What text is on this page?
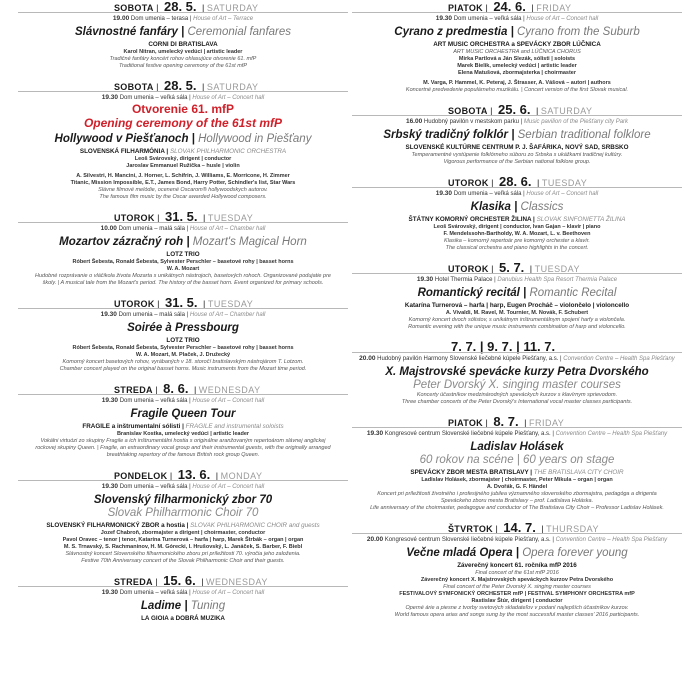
SOBOTA | 28. 5. | SATURDAY
19.00 Dom umenia – terasa | House of Art – Terrace
Slávnostné fanfáry | Ceremonial fanfares
CORNI DI BRATISLAVA
Karol Nitran, umelecký vedúci | artistic leader
Tradičné fanfáry koncért rohov ohlasujúce otvorenie 61. mfP
Traditional festive opening ceremony of the 61st mfP
SOBOTA | 28. 5. | SATURDAY
19.30 Dom umenia – veľká sála | House of Art – Concert hall
Otvorenie 61. mfP
Opening ceremony of the 61st mfP
Hollywood v Piešťanoch | Hollywood in Piešťany
SLOVENSKÁ FILHARMÓNIA | SLOVAK PHILHARMONIC ORCHESTRA
Leoš Svárovský, dirigent | conductor
Jaroslav Emmanuel Ružička – husle | violin
A. Silvestri, H. Mancini, J. Horner, L. Schifrin, J. Williams, E. Morricone, H. Zimmer
Titanic, Mission Impossible, E.T., James Bond, Harry Potter, Schindler's list, Star Wars
Slávne filmové melódie, ocenené Oscarom® hollywoodskych autorov.
The famous film music by the Oscar awarded Hollywood composers.
UTOROK | 31. 5. | TUESDAY
10.00 Dom umenia – malá sála | House of Art – Chamber hall
Mozartov zázračný roh | Mozart's Magical Horn
LOTZ TRIO
Róbert Šebesta, Ronald Šebesta, Sylvester Perschler – basetové rohy | basset horns
W. A. Mozart
Hudobné rozprávanie o vláčikola života Mozarta s unikátnych nástrojoch, basetových rohoch. Organizované podujatie pre
školy. | A musical tale from the Mozart's period. The history of the basset horn. Event organized for primary schools.
UTOROK | 31. 5. | TUESDAY
19.30 Dom umenia – malá sála | House of Art – Chamber hall
Soirée à Pressbourg
LOTZ TRIO
Róbert Šebesta, Ronald Šebesta, Sylvester Perschler – basetové rohy | basset horns
W. A. Mozart, M. Plaček, J. Družecký
Komorný koncert basetových rohov, vyrábaných v 18. storočí bratislavským nástrojárom T. Lotzom.
Chamber concert played on the original basset horns. Music instruments from the Mozart time period.
STREDA | 8. 6. | WEDNESDAY
19.30 Dom umenia – veľká sála | House of Art – Concert hall
Fragile Queen Tour
FRAGILE a inštrumentalní sólisti | FRAGILE and instrumental soloists
Branislav Kostka, umelecký vedúci | artistic leader
Vokálni virtuózi zo skupiny Fragile a ich inštrumentálni hostia s originálne aranžovaným repertoárom slávnej anglickej
rockovej skupiny Queen. | Fragile, an extraordinary vocal group and their instrumental guests, with the originally arranged
breathtaking repertory of the famous British rock group Queen.
PONDELOK | 13. 6. | MONDAY
19.30 Dom umenia – veľká sála | House of Art – Concert hall
Slovenský filharmonický zbor 70
Slovak Philharmonic Choir 70
SLOVENSKÝ FILHARMONICKÝ ZBOR a hostia | SLOVAK PHILHARMONIC CHOIR and guests
Jozef Chabroň, zbormajster a dirigent | choirmaster, conductor
Pavol Oravec – tenor | tenor, Katarína Turnerová – harfa | harp, Marek Štrbák – organ | organ
M. S. Trnavský, S. Rachmaninov, H. M. Górecki, I. Hrušovský, L. Janáček, S. Barber, F. Biebl
Slávnostný koncert Slovenského filharmonického zboru pri príležitosti 70. výročia jeho založenia.
Festive 70th Anniversary concert of the Slovak Philharmonic Choir and their guests.
STREDA | 15. 6. | WEDNESDAY
19.30 Dom umenia – veľká sála | House of Art – Concert hall
Ladime | Tuning
LA GIOIA a DOBRÁ MUZIKA
PIATOK | 24. 6. | FRIDAY
19.30 Dom umenia – veľká sála | House of Art – Concert hall
Cyrano z predmestia | Cyrano from the Suburb
ART MUSIC ORCHESTRA a SPEVÁCKY ZBOR LÚČNICA
ART MUSIC ORCHESTRA and LÚČNICA CHORUS
Mirka Partlová a Ján Slezák, sólisti | soloists
Marek Bielik, umelecký vedúci | artistic leader
Elena Matušová, zbormajsterka | choirmaster
M. Varga, P. Hammel, K. Peteraj, J. Štrasser, A. Vášová – autori | authors
Koncertné predvedenie populárneho muzikálu. | Concert version of the first Slovak musical.
SOBOTA | 25. 6. | SATURDAY
16.00 Hudobný pavilón v mestskom parku | Music pavilion of the Piešťany city Park
Srbský tradičný folklór | Serbian traditional folklore
SLOVENSKÉ KULTÚRNE CENTRUM P. J. ŠAFÁRIKA, NOVÝ SAD, SRBSKO
Temperamentné vystúpenie folklórneho súboru zo Srbska s ukážkami tradičnej kultúry.
Vigorous performance of the Serbian national folklore group.
UTOROK | 28. 6. | TUESDAY
19.30 Dom umenia – veľká sála | House of Art – Concert hall
Klasika | Classics
ŠTÁTNY KOMORNÝ ORCHESTER ŽILINA | SLOVAK SINFONIETTA ŽILINA
Leoš Svárovský, dirigent | conductor, Ivan Gajan – klavír | piano
F. Mendelssohn-Bartholdy, W. A. Mozart, L. v. Beethoven
Klasika – komorný repertoár pre komorný orchester a klavír.
The classical orchestra and piano highlights in the concert.
UTOROK | 5. 7. | TUESDAY
19.30 Hotel Thermia Palace | Danubius Health Spa Resort Thermia Palace
Romantický recitál | Romantic Recital
Katarína Turnerová – harfa | harp, Eugen Procháč – violončelo | violoncello
A. Vivaldi, M. Ravel, M. Tournier, M. Novák, F. Schubert
Komorný koncert dvoch sólistov, s unikátnym inštrumentálnym spojení harfy a violončela.
Romantic evening with the unique music instruments combination of harp and violoncello.
7. 7. | 9. 7. | 11. 7.
20.00 Hudobný pavilón Harmony Slovenské liečebné kúpele Piešťany, a.s. | Convention Centre – Health Spa Piešťany
X. Majstrovské spevácke kurzy Petra Dvorského
Peter Dvorský X. singing master courses
Koncerty účastníkov medzinárodných speváckych kurzov s klavírnym sprievodom.
Three chamber concerts of the Peter Dvorský's International vocal master classes participants.
PIATOK | 8. 7. | FRIDAY
19.30 Kongresové centrum Slovenské liečebné kúpele Piešťany, a.s. | Convention Centre – Health Spa Piešťany
Ladislav Holásek
60 rokov na scéne | 60 years on stage
SPEVÁCKY ZBOR MESTA BRATISLAVY | THE BRATISLAVA CITY CHOIR
Ladislav Holásek, zbormajster | choirmaster, Peter Mikula – organ | organ
A. Dvořák, G. F. Händel
Koncert pri príležitosti životného i profesijného jubilea významného slovenského zbormajstra, pedagóga a dirigenta
Speváckeho zboru mesta Bratislavy – prof. Ladislava Holáska.
Life anniversary of the choirmaster, pedagogue and conductor of The Bratislava City Choir – Professor Ladislav Holásek.
ŠTVRTOK | 14. 7. | THURSDAY
20.00 Kongresové centrum Slovenské liečebné kúpele Piešťany, a.s. | Convention Centre – Health Spa Piešťany
Večne mladá Opera | Opera forever young
Záverečný koncert 61. ročníka mfP 2016
Final concert of the 61st mfP 2016
Záverečný koncert X. Majstrovských speváckych kurzov Petra Dvorského
Final concert of the Peter Dvorský X. singing master courses
FESTIVALOVÝ SYMFONICKÝ ORCHESTER mfP | FESTIVAL SYMPHONY ORCHESTRA mfP
Rastislav Štúr, dirigent | conductor
Operné árie a piesne z tvorby svetových skladateľov v podaní najlepších účastníkov kurzov.
World famous opera arias and songs sung by the most successful master classes' 2016 participants.
